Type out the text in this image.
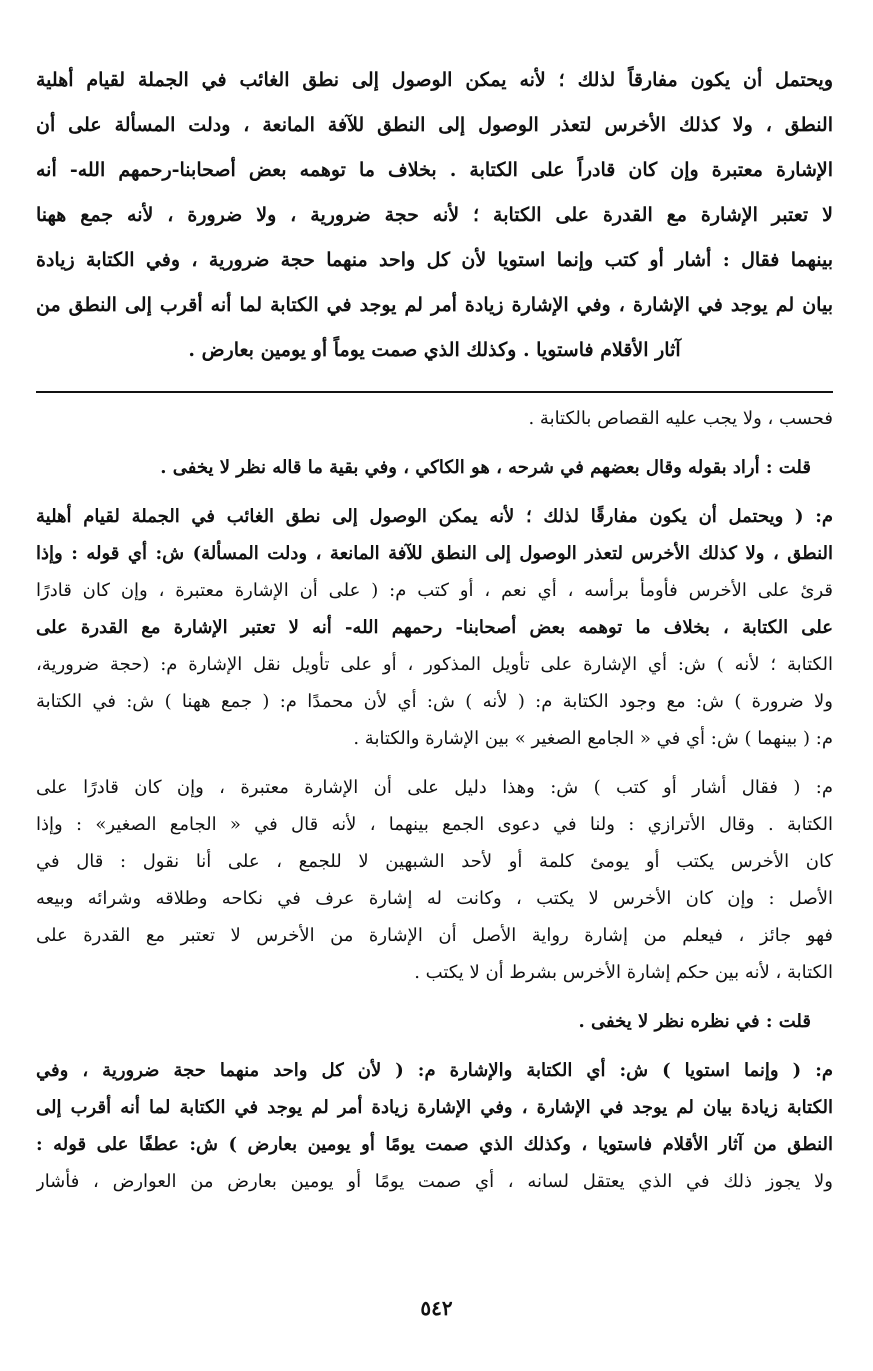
ويحتمل أن يكون مفارقاً لذلك ؛ لأنه يمكن الوصول إلى نطق الغائب في الجملة لقيام أهلية
النطق ، ولا كذلك الأخرس لتعذر الوصول إلى النطق للآفة المانعة ، ودلت المسألة على أن
الإشارة معتبرة وإن كان قادراً على الكتابة . بخلاف ما توهمه بعض أصحابنا-رحمهم الله- أنه
لا تعتبر الإشارة مع القدرة على الكتابة ؛ لأنه حجة ضرورية ، ولا ضرورة ، لأنه جمع ههنا
بينهما فقال : أشار أو كتب وإنما استويا لأن كل واحد منهما حجة ضرورية ، وفي الكتابة زيادة
بيان لم يوجد في الإشارة ، وفي الإشارة زيادة أمر لم يوجد في الكتابة لما أنه أقرب إلى النطق من
آثار الأقلام فاستويا . وكذلك الذي صمت يوماً أو يومين بعارض .
فحسب ، ولا يجب عليه القصاص بالكتابة .
قلت : أراد بقوله وقال بعضهم في شرحه ، هو الكاكي ، وفي بقية ما قاله نظر لا يخفى .
م: ( ويحتمل أن يكون مفارقًا لذلك ؛ لأنه يمكن الوصول إلى نطق الغائب في الجملة لقيام أهلية
النطق ، ولا كذلك الأخرس لتعذر الوصول إلى النطق للآفة المانعة ، ودلت المسألة) ش: أي قوله : وإذا
قرئ على الأخرس فأومأ برأسه ، أي نعم ، أو كتب م: ( على أن الإشارة معتبرة ، وإن كان قادرًا
على الكتابة ، بخلاف ما توهمه بعض أصحابنا- رحمهم الله- أنه لا تعتبر الإشارة مع القدرة على
الكتابة ؛ لأنه ) ش: أي الإشارة على تأويل المذكور ، أو على تأويل نقل الإشارة م: (حجة ضرورية،
ولا ضرورة ) ش: مع وجود الكتابة م: ( لأنه ) ش: أي لأن محمدًا م: ( جمع ههنا ) ش: في الكتابة
م: ( بينهما ) ش: أي في « الجامع الصغير » بين الإشارة والكتابة .
م: ( فقال أشار أو كتب ) ش: وهذا دليل على أن الإشارة معتبرة ، وإن كان قادرًا على
الكتابة . وقال الأترازي : ولنا في دعوى الجمع بينهما ، لأنه قال في « الجامع الصغير» : وإذا
كان الأخرس يكتب أو يومئ كلمة أو لأحد الشبهين لا للجمع ، على أنا نقول : قال في
الأصل : وإن كان الأخرس لا يكتب ، وكانت له إشارة عرف في نكاحه وطلاقه وشرائه وبيعه
فهو جائز ، فيعلم من إشارة رواية الأصل أن الإشارة من الأخرس لا تعتبر مع القدرة على
الكتابة ، لأنه بين حكم إشارة الأخرس بشرط أن لا يكتب .
قلت : في نظره نظر لا يخفى .
م: ( وإنما استويا ) ش: أي الكتابة والإشارة م: ( لأن كل واحد منهما حجة ضرورية ، وفي
الكتابة زيادة بيان لم يوجد في الإشارة ، وفي الإشارة زيادة أمر لم يوجد في الكتابة لما أنه أقرب إلى
النطق من آثار الأقلام فاستويا ، وكذلك الذي صمت يومًا أو يومين بعارض ) ش: عطفًا على قوله :
ولا يجوز ذلك في الذي يعتقل لسانه ، أي صمت يومًا أو يومين بعارض من العوارض ، فأشار
٥٤٢
